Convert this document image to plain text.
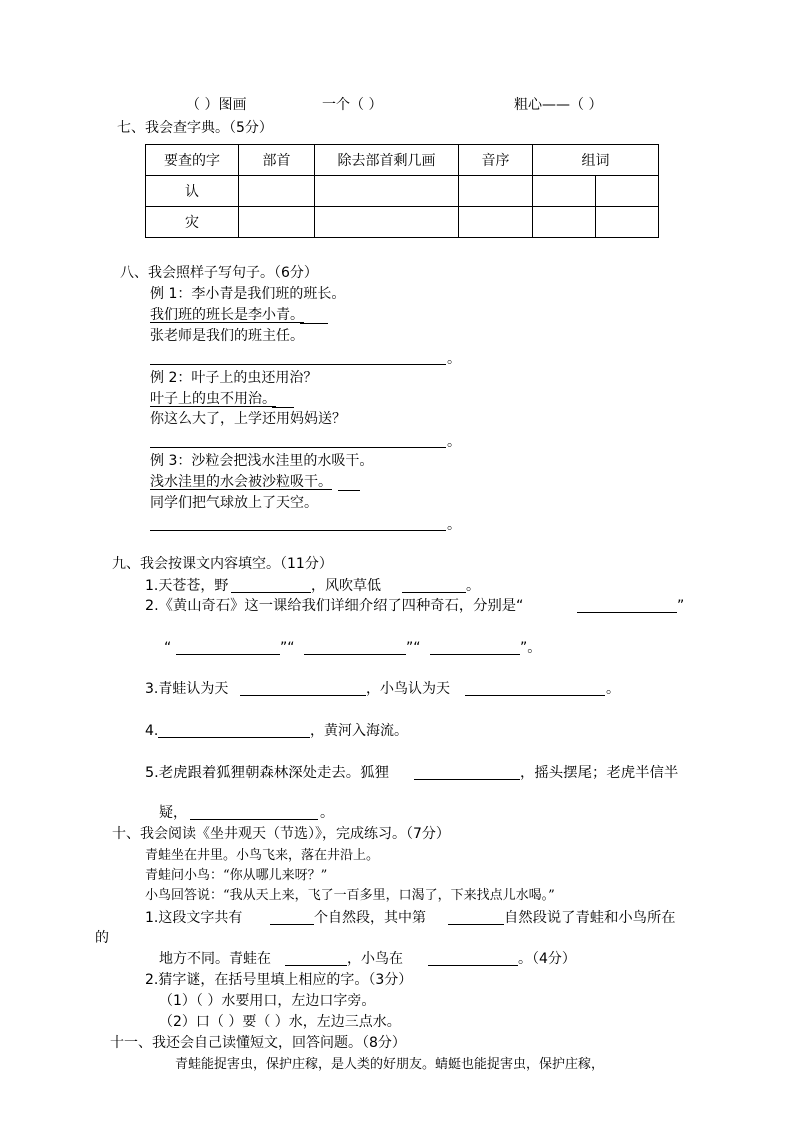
（ ）图画	一个（ ）	粗心——（ ）
七、我会查字典。（5分）
要查的字	部首	除去部首剩几画	音序	组词	
认					
灾					
八、我会照样子写句子。（6分）
例 1：李小青是我们班的班长。
我们班的班长是李小青。
张老师是我们的班主任。
。
例 2：叶子上的虫还用治？
叶子上的虫不用治。
你这么大了，上学还用妈妈送？
。
例 3：沙粒会把浅水洼里的水吸干。
浅水洼里的水会被沙粒吸干。
同学们把气球放上了天空。
。
九、我会按课文内容填空。（11分）
1.天苍苍，野	，风吹草低	。
2.《黄山奇石》这一课给我们详细介绍了四种奇石，分别是“	”
“	”“	”“	”。
3.青蛙认为天	，小鸟认为天	。
4.	，黄河入海流。
5.老虎跟着狐狸朝森林深处走去。狐狸	，摇头摆尾；老虎半信半
疑，	。
十、我会阅读《坐井观天（节选）》，完成练习。（7分）
青蛙坐在井里。小鸟飞来，落在井沿上。
青蛙问小鸟：“你从哪儿来呀？”
小鸟回答说：“我从天上来，飞了一百多里，口渴了，下来找点儿水喝。”
1.这段文字共有	个自然段，其中第	自然段说了青蛙和小鸟所在
的
地方不同。青蛙在	，小鸟在	。（4分）
2.猜字谜，在括号里填上相应的字。（3分）
（1）（ ）水要用口，左边口字旁。
（2）口（ ）要（ ）水，左边三点水。
十一、我还会自己读懂短文，回答问题。（8分）
青蛙能捉害虫，保护庄稼，是人类的好朋友。蜻蜓也能捉害虫，保护庄稼，
